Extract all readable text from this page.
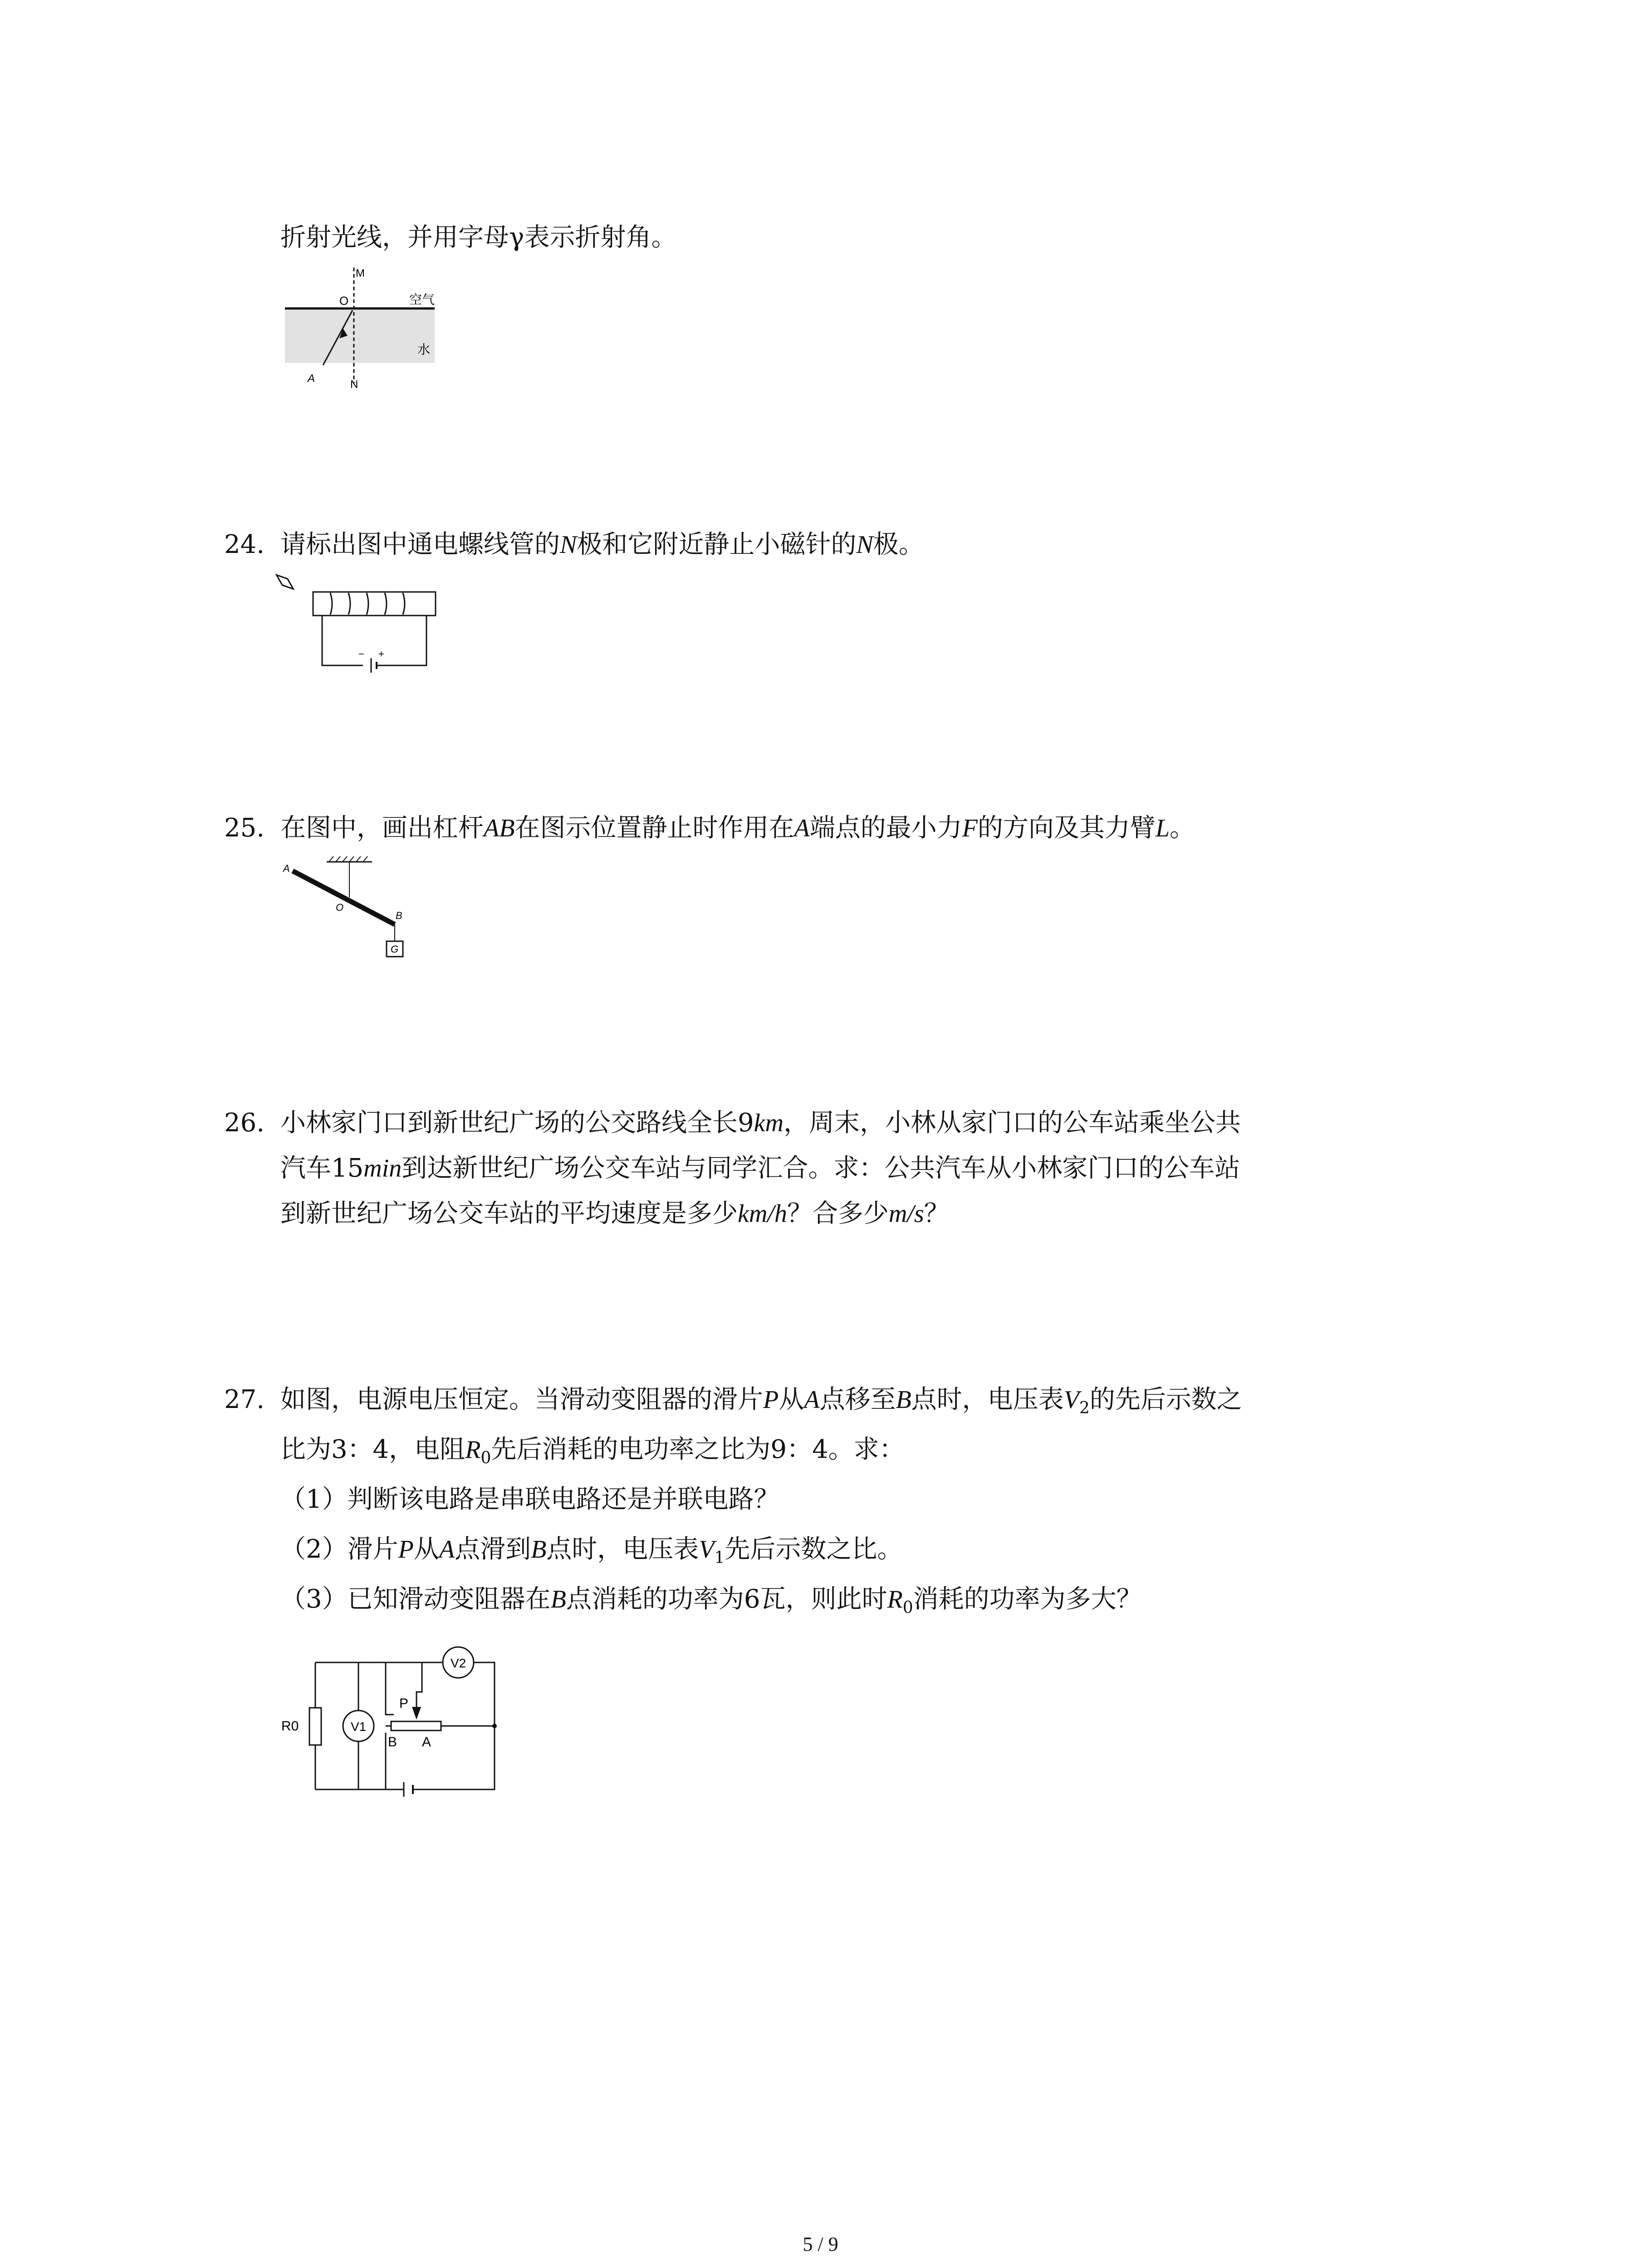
折射光线，并用字母γ表示折射角。
M
O	空气
水
A	N
24. 请标出图中通电螺线管的N极和它附近静止小磁针的N极。
− +
25. 在图中，画出杠杆AB在图示位置静止时作用在A端点的最小力F的方向及其力臂L。
A
O
B
G
26. 小林家门口到新世纪广场的公交路线全长9km，周末，小林从家门口的公车站乘坐公共
汽车15min到达新世纪广场公交车站与同学汇合。求：公共汽车从小林家门口的公车站
到新世纪广场公交车站的平均速度是多少km/h？合多少m/s？
27. 如图，电源电压恒定。当滑动变阻器的滑片P从A点移至B点时，电压表$V_2$的先后示数之
比为3：4，电阻$R_0$先后消耗的电功率之比为9：4。求：
（1）判断该电路是串联电路还是并联电路？
（2）滑片P从A点滑到B点时，电压表$V_1$先后示数之比。
（3）已知滑动变阻器在B点消耗的功率为6瓦，则此时$R_0$消耗的功率为多大？
R0	V1
V2
P
B A
5 / 9
